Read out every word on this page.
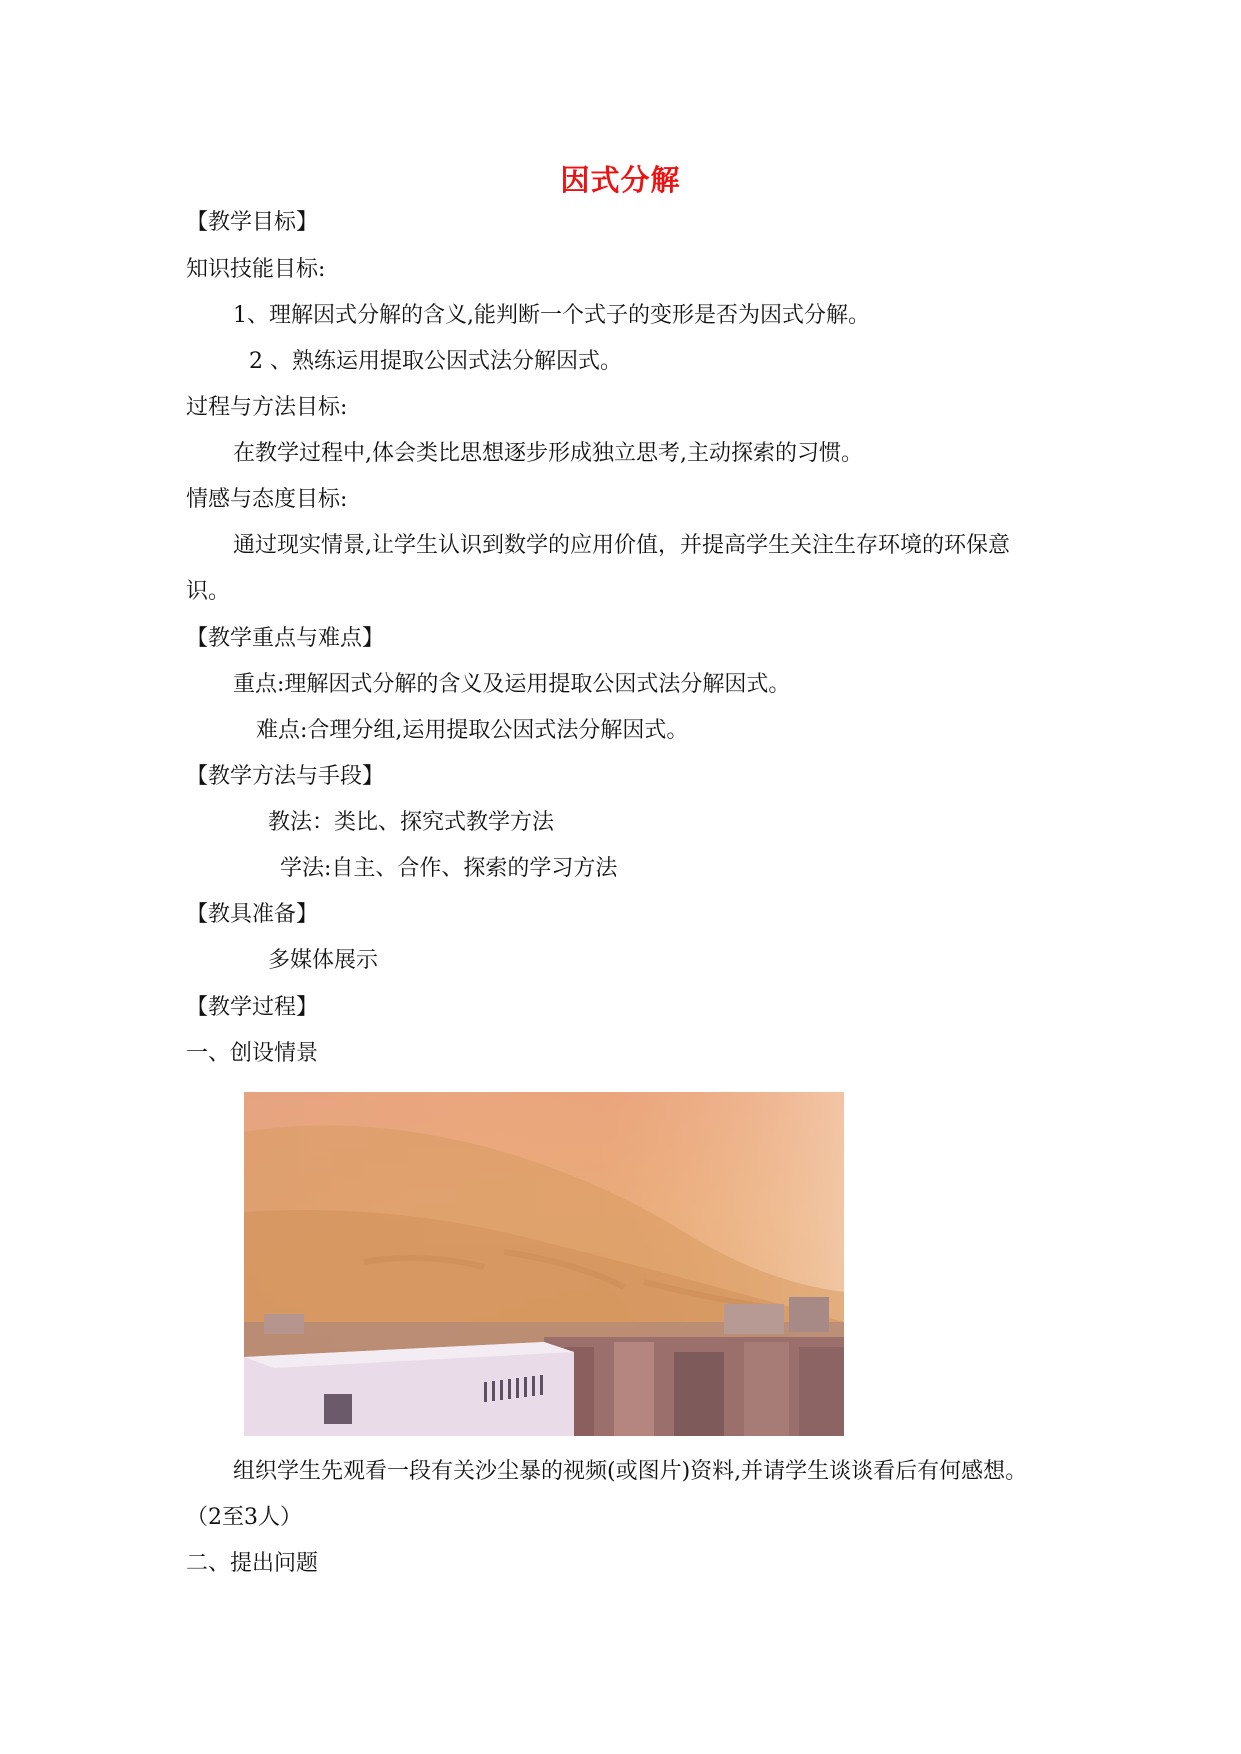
因式分解
【教学目标】
知识技能目标:
1、理解因式分解的含义,能判断一个式子的变形是否为因式分解。
2 、熟练运用提取公因式法分解因式。
过程与方法目标:
在教学过程中,体会类比思想逐步形成独立思考,主动探索的习惯。
情感与态度目标:
通过现实情景,让学生认识到数学的应用价值，并提高学生关注生存环境的环保意
识。
【教学重点与难点】
重点:理解因式分解的含义及运用提取公因式法分解因式。
难点:合理分组,运用提取公因式法分解因式。
【教学方法与手段】
教法：类比、探究式教学方法
学法:自主、合作、探索的学习方法
【教具准备】
多媒体展示
【教学过程】
一、创设情景
组织学生先观看一段有关沙尘暴的视频(或图片)资料,并请学生谈谈看后有何感想。
（2至3人）
二、提出问题
